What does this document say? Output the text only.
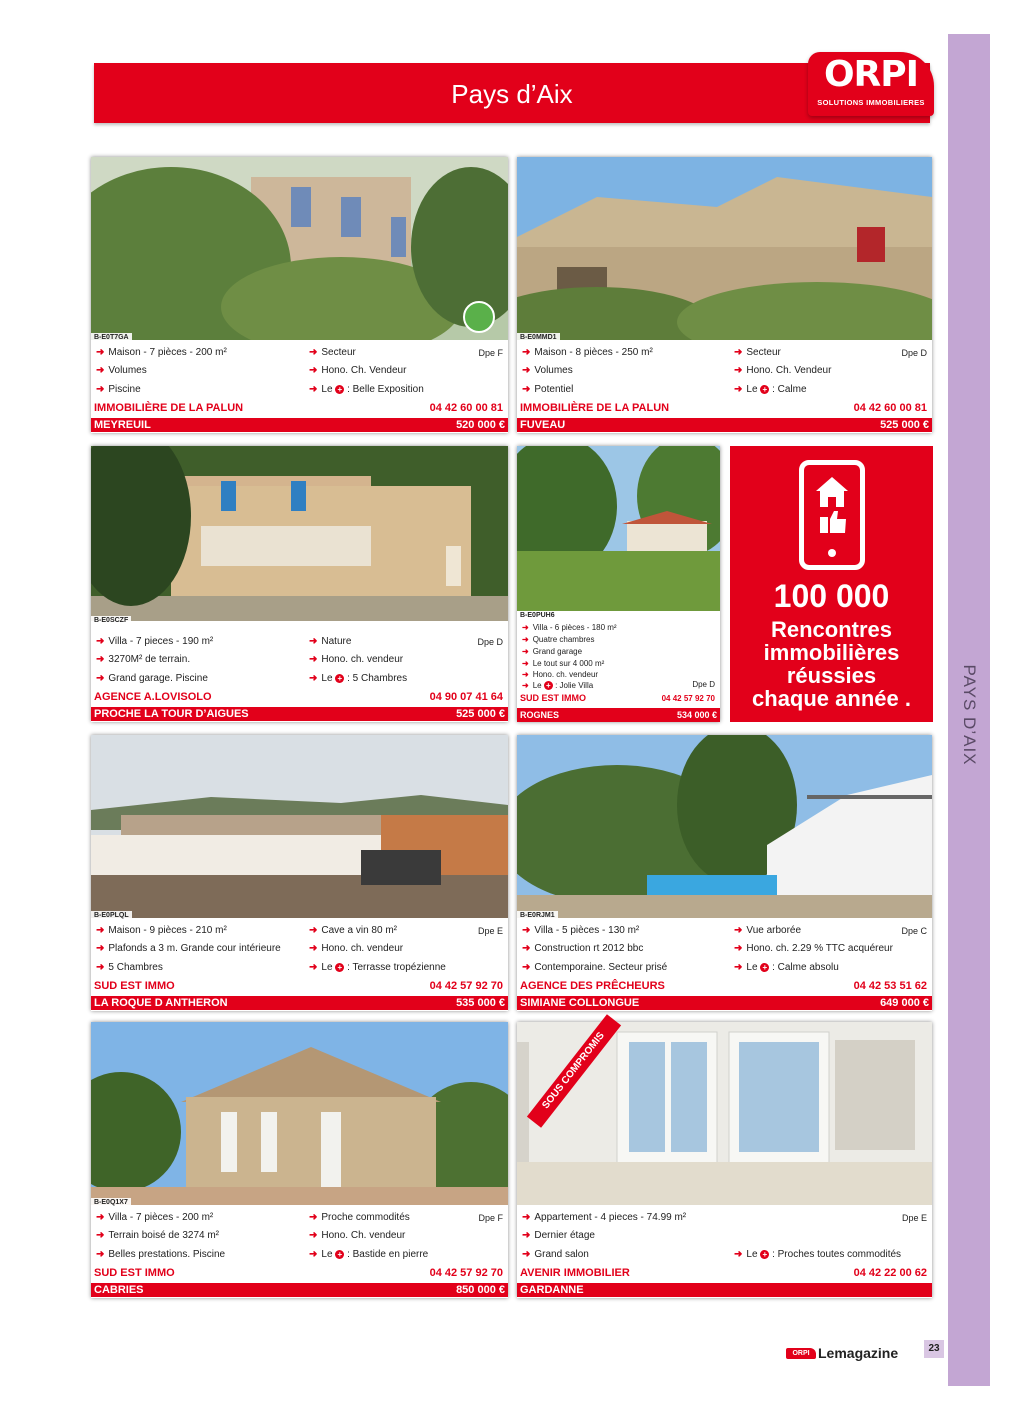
PAYS D’AIX
Pays d’Aix	ORPI
SOLUTIONS IMMOBILIERES
B-E0T7GA
➜ Maison - 7 pièces - 200 m²
➜ Volumes
➜ Piscine
➜ Secteur
➜ Hono. Ch. Vendeur
➜ Le + : Belle Exposition
Dpe F
IMMOBILIÈRE DE LA PALUN	04 42 60 00 81
MEYREUIL	520 000 €
B-E0MMD1
➜ Maison - 8 pièces - 250 m²
➜ Volumes
➜ Potentiel
➜ Secteur
➜ Hono. Ch. Vendeur
➜ Le + : Calme
Dpe D
IMMOBILIÈRE DE LA PALUN	04 42 60 00 81
FUVEAU	525 000 €
B-E0SCZF
➜ Villa - 7 pieces - 190 m²
➜ 3270M² de terrain.
➜ Grand garage. Piscine
➜ Nature
➜ Hono. ch. vendeur
➜ Le + : 5 Chambres
Dpe D
AGENCE A.LOVISOLO	04 90 07 41 64
PROCHE LA TOUR D’AIGUES	525 000 €
B-E0PUH6
➜ Villa - 6 pièces - 180 m²
➜ Quatre chambres
➜ Grand garage
➜ Le tout sur 4 000 m²
➜ Hono. ch. vendeur
➜ Le + : Jolie Villa	Dpe D
SUD EST IMMO	04 42 57 92 70
ROGNES	534 000 €
100 000
Rencontres
immobilières
réussies
chaque année .
B-E0PLQL
➜ Maison - 9 pièces - 210 m²
➜ Plafonds a 3 m. Grande cour intérieure
➜ 5 Chambres
➜ Cave a vin 80 m²
➜ Hono. ch. vendeur
➜ Le + : Terrasse tropézienne
Dpe E
SUD EST IMMO	04 42 57 92 70
LA ROQUE D ANTHERON	535 000 €
B-E0RJM1
➜ Villa - 5 pièces - 130 m²
➜ Construction rt 2012 bbc
➜ Contemporaine. Secteur prisé
➜ Vue arborée
➜ Hono. ch. 2.29 % TTC acquéreur
➜ Le + : Calme absolu
Dpe C
AGENCE DES PRÊCHEURS	04 42 53 51 62
SIMIANE COLLONGUE	649 000 €
B-E0Q1X7
➜ Villa - 7 pièces - 200 m²
➜ Terrain boisé de 3274 m²
➜ Belles prestations. Piscine
➜ Proche commodités
➜ Hono. Ch. vendeur
➜ Le + : Bastide en pierre
Dpe F
SUD EST IMMO	04 42 57 92 70
CABRIES	850 000 €
SOUS COMPROMIS
➜ Appartement - 4 pieces - 74.99 m²
➜ Dernier étage
➜ Grand salon	➜ Le + : Proches toutes commodités
Dpe E
AVENIR IMMOBILIER	04 42 22 00 62
GARDANNE
ORPI Lemagazine	23
